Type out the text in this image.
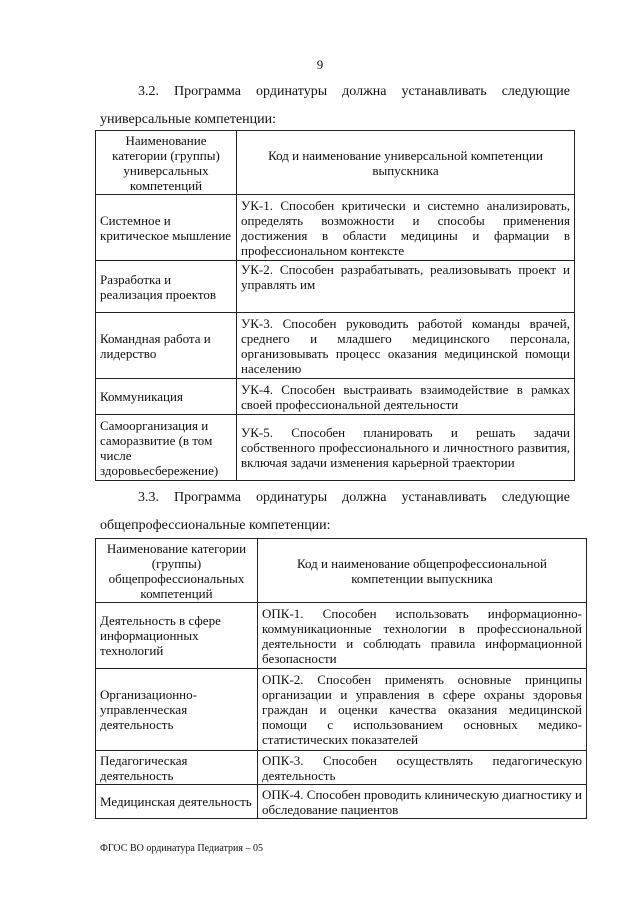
9
3.2. Программа ординатуры должна устанавливать следующие
универсальные компетенции:
Наименование категории (группы) универсальных компетенций	Код и наименование универсальной компетенции выпускника
Системное и критическое мышление	УК-1. Способен критически и системно анализировать, определять возможности и способы применения достижения в области медицины и фармации в профессиональном контексте
Разработка и реализация проектов	УК-2. Способен разрабатывать, реализовывать проект и управлять им
Командная работа и лидерство	УК-3. Способен руководить работой команды врачей, среднего и младшего медицинского персонала, организовывать процесс оказания медицинской помощи населению
Коммуникация	УК-4. Способен выстраивать взаимодействие в рамках своей профессиональной деятельности
Самоорганизация и саморазвитие (в том числе здоровьесбережение)	УК-5. Способен планировать и решать задачи собственного профессионального и личностного развития, включая задачи изменения карьерной траектории
3.3. Программа ординатуры должна устанавливать следующие
общепрофессиональные компетенции:
Наименование категории (группы) общепрофессиональных компетенций	Код и наименование общепрофессиональной компетенции выпускника
Деятельность в сфере информационных технологий	ОПК-1. Способен использовать информационно-коммуникационные технологии в профессиональной деятельности и соблюдать правила информационной безопасности
Организационно-управленческая деятельность	ОПК-2. Способен применять основные принципы организации и управления в сфере охраны здоровья граждан и оценки качества оказания медицинской помощи с использованием основных медико-статистических показателей
Педагогическая деятельность	ОПК-3. Способен осуществлять педагогическую деятельность
Медицинская деятельность	ОПК-4. Способен проводить клиническую диагностику и обследование пациентов
ФГОС ВО ординатура Педиатрия – 05
